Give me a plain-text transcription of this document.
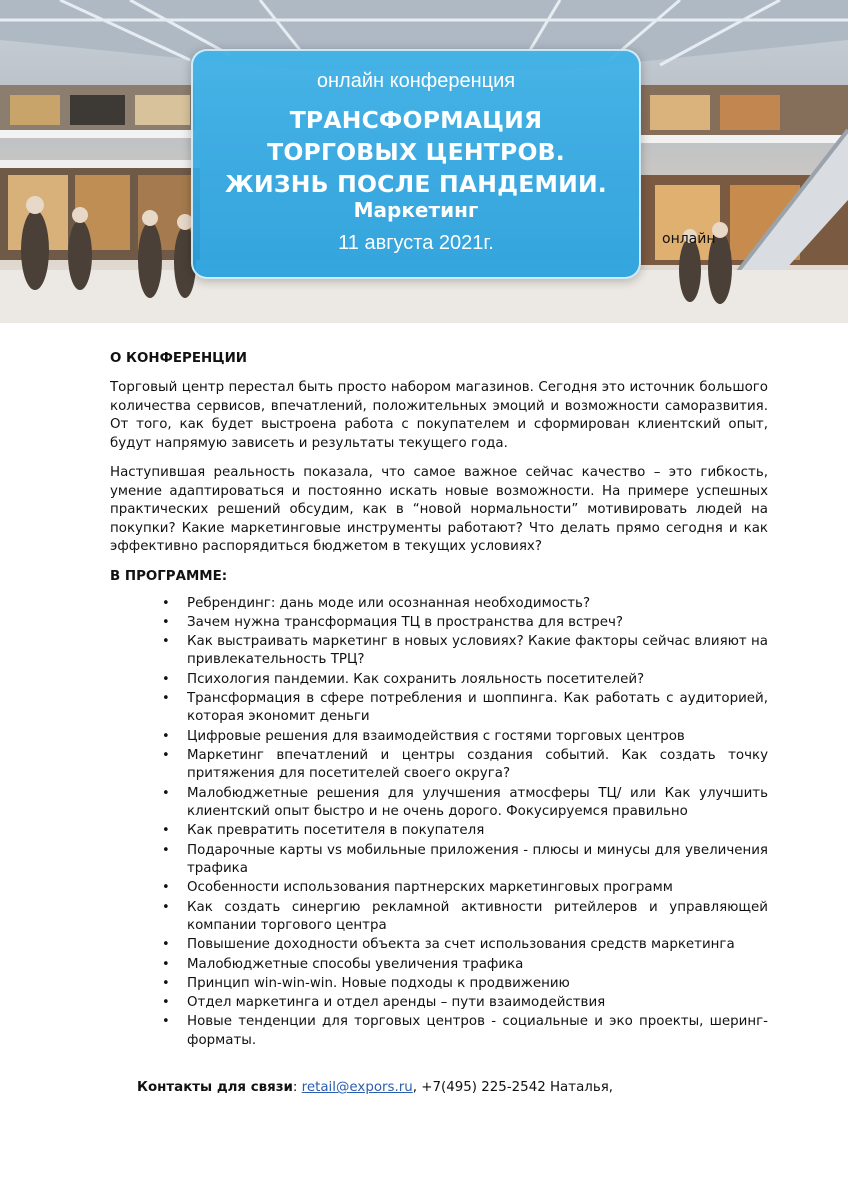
онлайн конференция
ТРАНСФОРМАЦИЯ
ТОРГОВЫХ ЦЕНТРОВ.
ЖИЗНЬ ПОСЛЕ ПАНДЕМИИ.
Маркетинг
11 августа 2021г.	онлайн
О КОНФЕРЕНЦИИ

Торговый центр перестал быть просто набором магазинов. Сегодня это источник большого количества сервисов, впечатлений, положительных эмоций и возможности саморазвития. От того, как будет выстроена работа с покупателем и сформирован клиентский опыт, будут напрямую зависеть и результаты текущего года.

Наступившая реальность показала, что самое важное сейчас качество – это гибкость, умение адаптироваться и постоянно искать новые возможности. На примере успешных практических решений обсудим, как в “новой нормальности” мотивировать людей на покупки? Какие маркетинговые инструменты работают? Что делать прямо сегодня и как эффективно распорядиться бюджетом в текущих условиях?

В ПРОГРАММЕ:
• Ребрендинг: дань моде или осознанная необходимость?
• Зачем нужна трансформация ТЦ в пространства для встреч?
• Как выстраивать маркетинг в новых условиях? Какие факторы сейчас влияют на привлекательность ТРЦ?
• Психология пандемии. Как сохранить лояльность посетителей?
• Трансформация в сфере потребления и шоппинга. Как работать с аудиторией, которая экономит деньги
• Цифровые решения для взаимодействия с гостями торговых центров
• Маркетинг впечатлений и центры создания событий. Как создать точку притяжения для посетителей своего округа?
• Малобюджетные решения для улучшения атмосферы ТЦ/ или Как улучшить клиентский опыт быстро и не очень дорого. Фокусируемся правильно
• Как превратить посетителя в покупателя
• Подарочные карты vs мобильные приложения - плюсы и минусы для увеличения трафика
• Особенности использования партнерских маркетинговых программ
• Как создать синергию рекламной активности ритейлеров и управляющей компании торгового центра
• Повышение доходности объекта за счет использования средств маркетинга
• Малобюджетные способы увеличения трафика
• Принцип win-win-win. Новые подходы к продвижению
• Отдел маркетинга и отдел аренды – пути взаимодействия
• Новые тенденции для торговых центров - социальные и эко проекты, шеринг-форматы.
Контакты для связи: retail@expors.ru, +7(495) 225-2542 Наталья,
